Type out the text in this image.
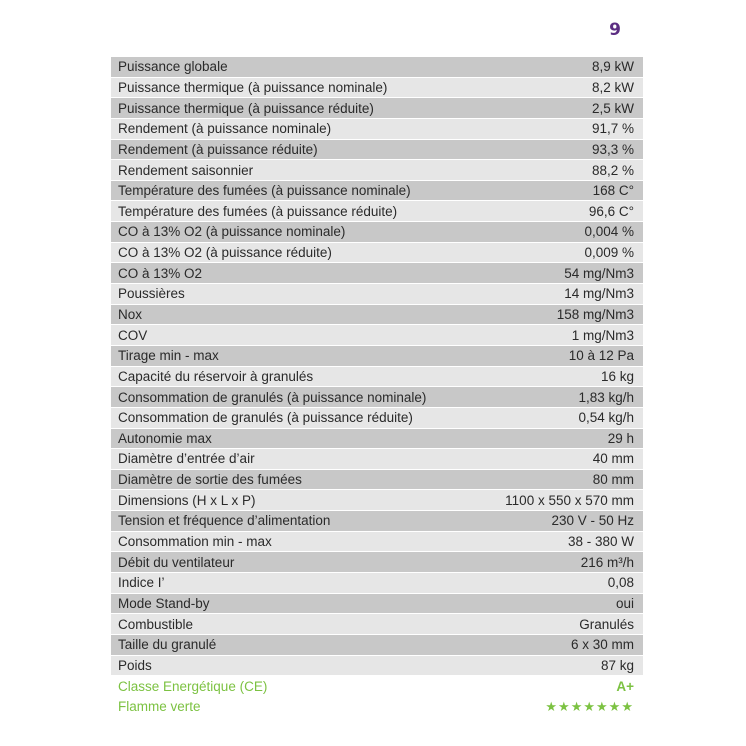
9
Puissance globale	8,9 kW
Puissance thermique (à puissance nominale)	8,2 kW
Puissance thermique (à puissance réduite)	2,5 kW
Rendement (à puissance nominale)	91,7 %
Rendement (à puissance réduite)	93,3 %
Rendement saisonnier	88,2 %
Température des fumées (à puissance nominale)	168 C°
Température des fumées (à puissance réduite)	96,6 C°
CO à 13% O2 (à puissance nominale)	0,004 %
CO à 13% O2 (à puissance réduite)	0,009 %
CO à 13% O2	54 mg/Nm3
Poussières	14 mg/Nm3
Nox	158 mg/Nm3
COV	1 mg/Nm3
Tirage min - max	10 à 12 Pa
Capacité du réservoir à granulés	16 kg
Consommation de granulés (à puissance nominale)	1,83 kg/h
Consommation de granulés (à puissance réduite)	0,54 kg/h
Autonomie max	29 h
Diamètre d’entrée d’air	40 mm
Diamètre de sortie des fumées	80 mm
Dimensions (H x L x P)	1100 x 550 x 570 mm
Tension et fréquence d’alimentation	230 V - 50 Hz
Consommation min - max	38 - 380 W
Débit du ventilateur	216 m³/h
Indice I’	0,08
Mode Stand-by	oui
Combustible	Granulés
Taille du granulé	6 x 30 mm
Poids	87 kg
Classe Energétique (CE)	A+
Flamme verte	★★★★★★★
